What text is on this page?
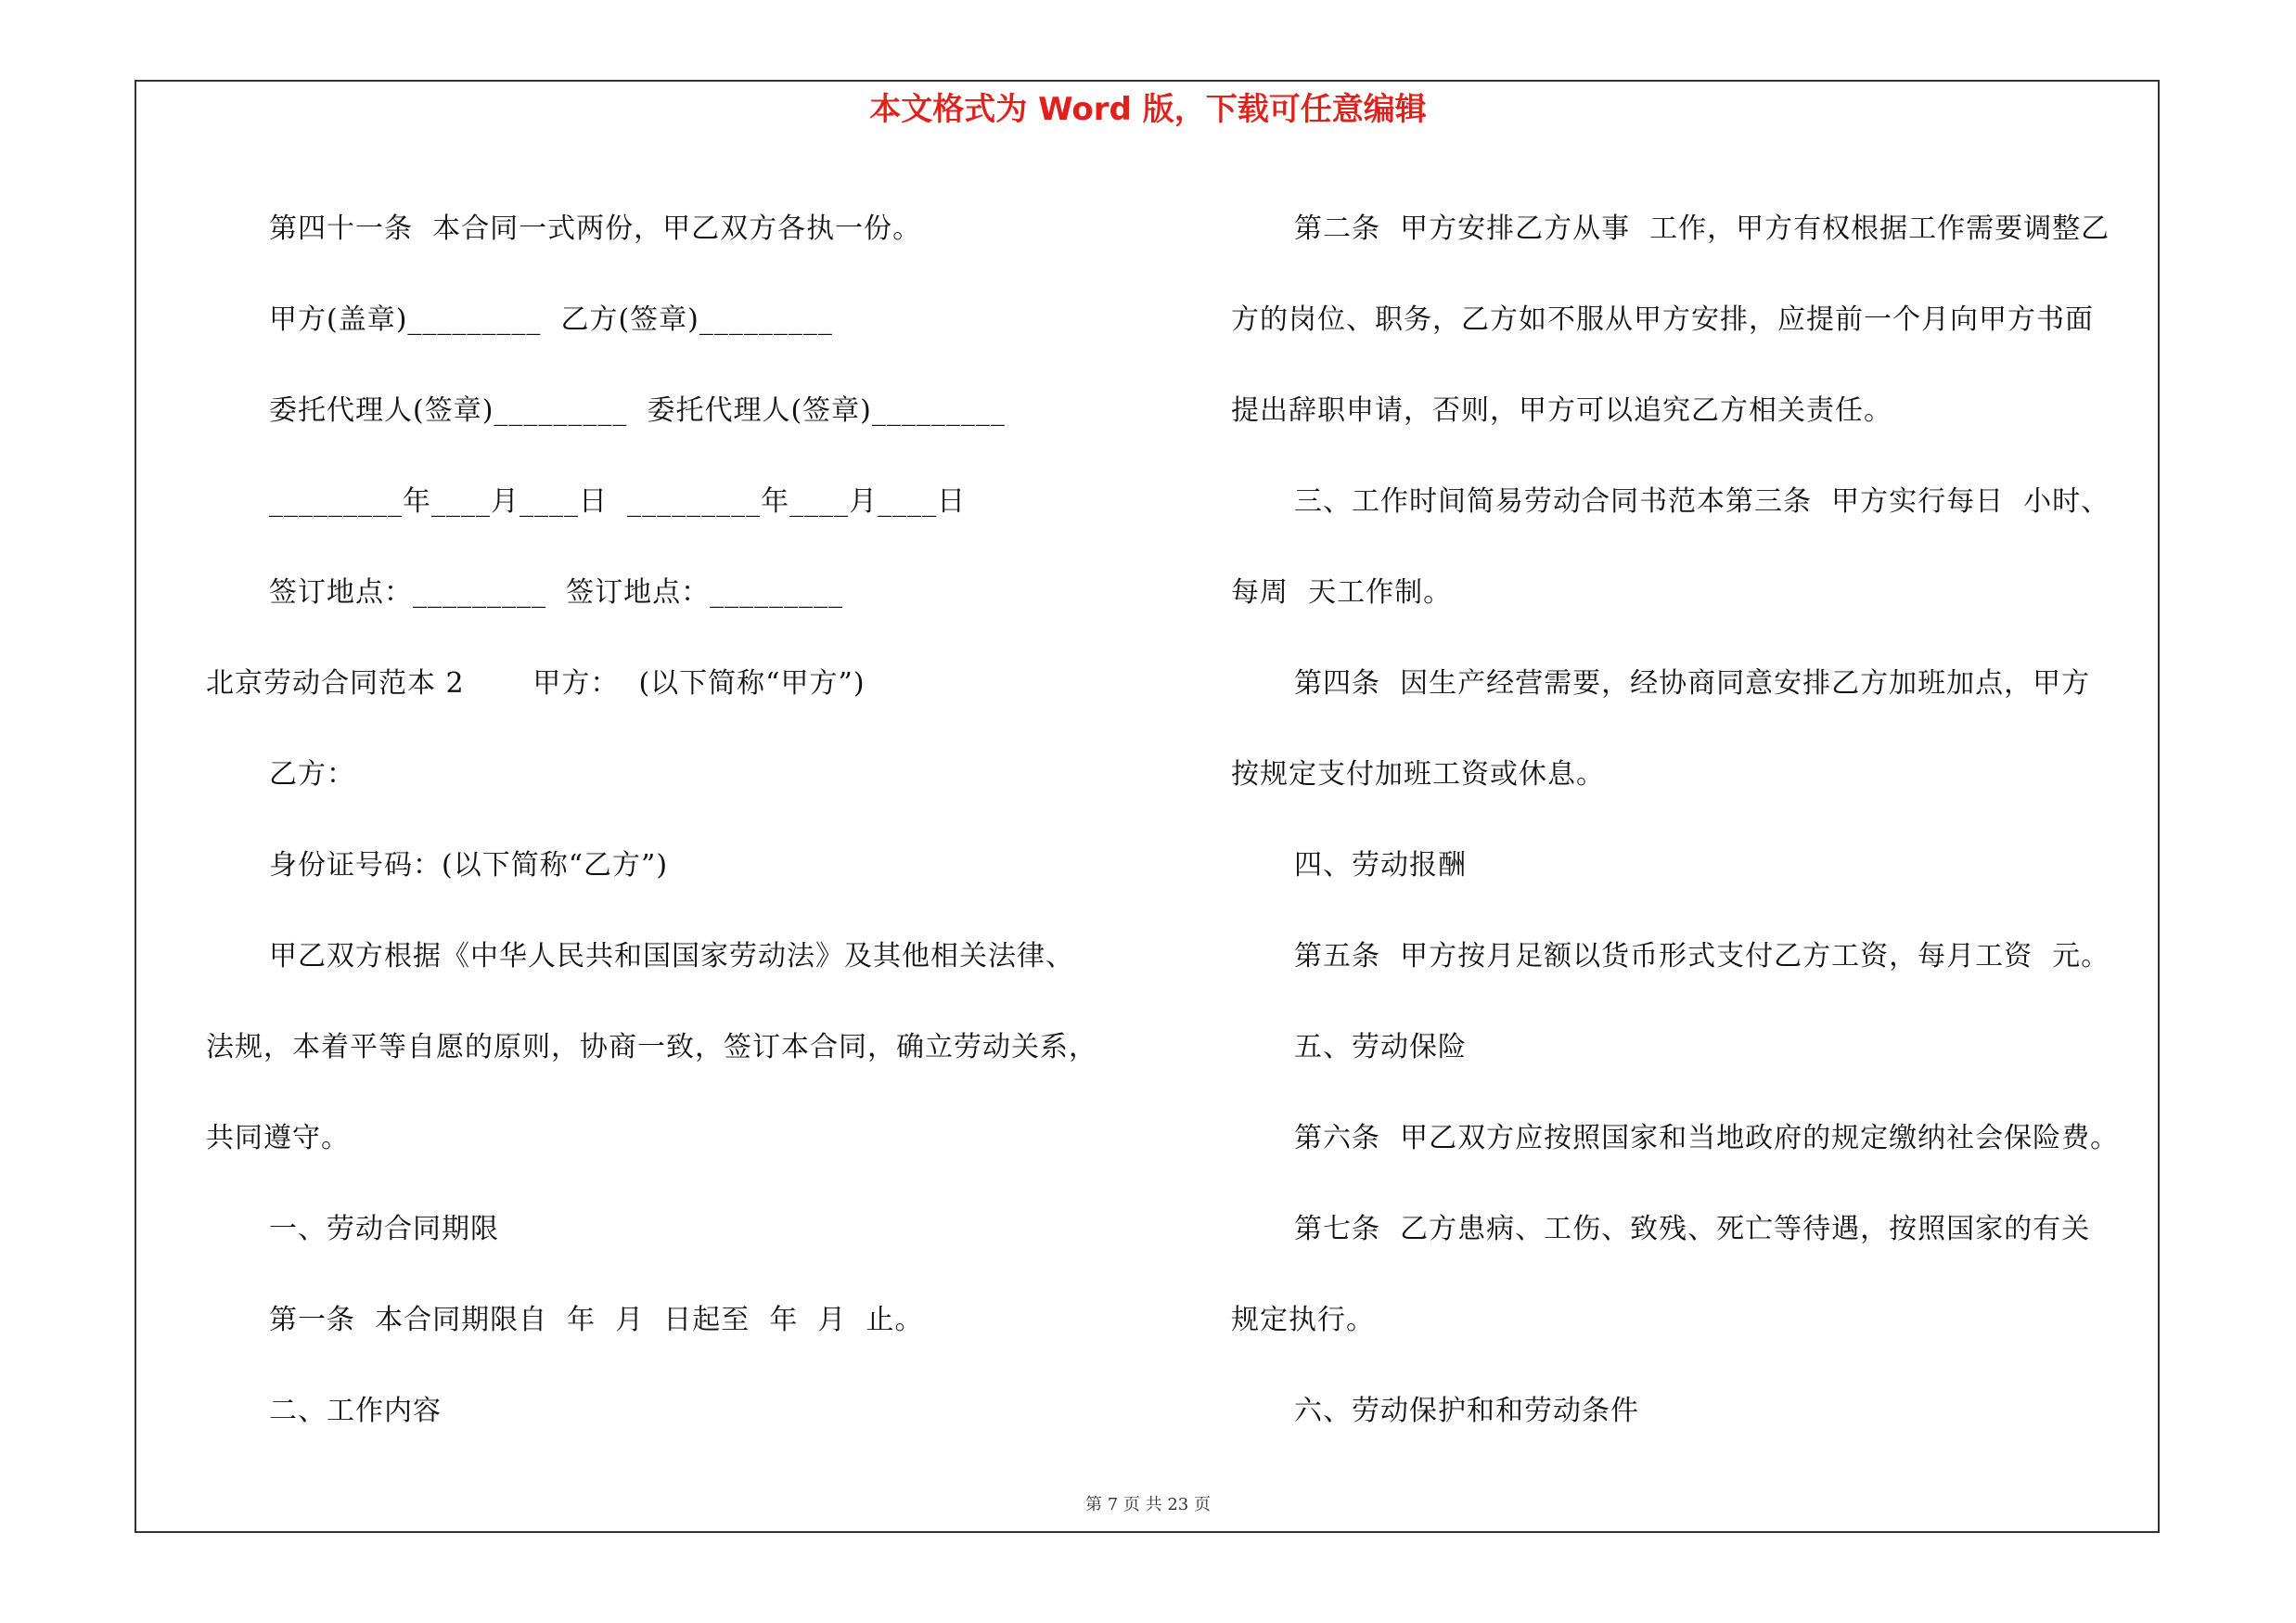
本文格式为 Word 版，下载可任意编辑
第四十一条  本合同一式两份，甲乙双方各执一份。
甲方(盖章)_________  乙方(签章)_________
委托代理人(签章)_________  委托代理人(签章)_________
_________年____月____日  _________年____月____日
签订地点：_________  签订地点：_________
北京劳动合同范本 2       甲方：  (以下简称“甲方”)
乙方：
身份证号码：(以下简称“乙方”)
甲乙双方根据《中华人民共和国国家劳动法》及其他相关法律、
法规，本着平等自愿的原则，协商一致，签订本合同，确立劳动关系，
共同遵守。
一、劳动合同期限
第一条  本合同期限自  年  月  日起至  年  月  止。
二、工作内容
第二条  甲方安排乙方从事  工作，甲方有权根据工作需要调整乙
方的岗位、职务，乙方如不服从甲方安排，应提前一个月向甲方书面
提出辞职申请，否则，甲方可以追究乙方相关责任。
三、工作时间简易劳动合同书范本第三条  甲方实行每日  小时、
每周  天工作制。
第四条  因生产经营需要，经协商同意安排乙方加班加点，甲方
按规定支付加班工资或休息。
四、劳动报酬
第五条  甲方按月足额以货币形式支付乙方工资，每月工资  元。
五、劳动保险
第六条  甲乙双方应按照国家和当地政府的规定缴纳社会保险费。
第七条  乙方患病、工伤、致残、死亡等待遇，按照国家的有关
规定执行。
六、劳动保护和和劳动条件
第 7 页 共 23 页
